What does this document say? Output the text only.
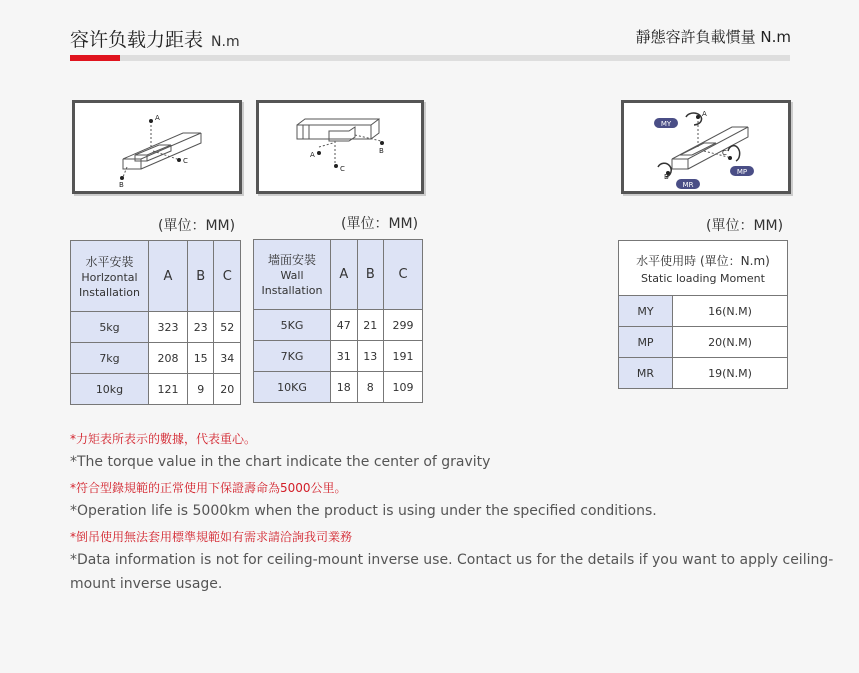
容许负载力距表 N.m	靜態容許負載慣量 N.m
A
C
B
A
C
B
MY
MP
MR
A
C
B
(單位：MM)	(單位：MM)	(單位：MM)
水平安裝
Horlzontal
Installation	A	B	C
5kg	323	23	52
7kg	208	15	34
10kg	121	9	20
墻面安裝
Wall
Installation	A	B	C
5KG	47	21	299
7KG	31	13	191
10KG	18	8	109
水平使用時 (單位：N.m)
Static loading Moment	

MY	16(N.M)
MP	20(N.M)
MR	19(N.M)
*力矩表所表示的數據，代表重心。
*The torque value in the chart indicate the center of gravity
*符合型錄規範的正常使用下保證壽命為5000公里。
*Operation life is 5000km when the product is using under the specified conditions.
*倒吊使用無法套用標準規範如有需求請洽詢我司業務
*Data information is not for ceiling-mount inverse use. Contact us for the details if you want to apply ceiling-
mount inverse usage.
